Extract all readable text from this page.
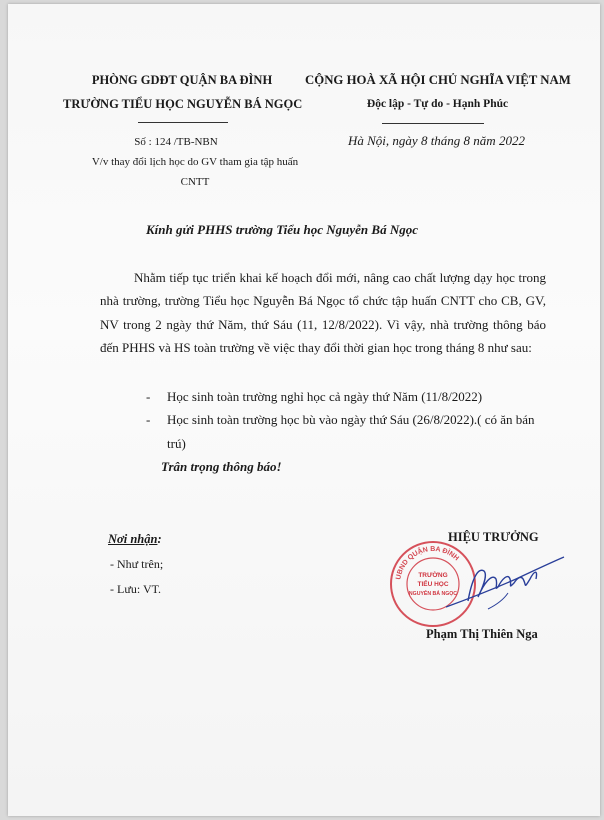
PHÒNG GDĐT QUẬN BA ĐÌNH
TRƯỜNG TIỂU HỌC NGUYỄN BÁ NGỌC
CỘNG HOÀ XÃ HỘI CHỦ NGHĨA VIỆT NAM
Độc lập - Tự do - Hạnh Phúc
Số : 124 /TB-NBN
V/v thay đổi lịch học do GV tham gia tập huấn CNTT
Hà Nội, ngày 8 tháng 8 năm 2022
Kính gửi PHHS trường Tiểu học Nguyễn Bá Ngọc
Nhằm tiếp tục triển khai kế hoạch đổi mới, nâng cao chất lượng dạy học trong nhà trường, trường Tiểu học Nguyễn Bá Ngọc tổ chức tập huấn CNTT cho CB, GV, NV trong 2 ngày thứ Năm, thứ Sáu (11, 12/8/2022). Vì vậy, nhà trường thông báo đến PHHS và HS toàn trường về việc thay đổi thời gian học trong tháng 8 như sau:
-	Học sinh toàn trường nghỉ học cả ngày thứ Năm (11/8/2022)
-	Học sinh toàn trường học bù vào ngày thứ Sáu (26/8/2022).( có ăn bán trú)
Trân trọng thông báo!
Nơi nhận:
- Như trên;
- Lưu: VT.
HIỆU TRƯỞNG
UBND QUẬN BA ĐÌNH
TRƯỜNG
TIỂU HỌC
NGUYỄN BÁ NGỌC
Phạm Thị Thiên Nga
